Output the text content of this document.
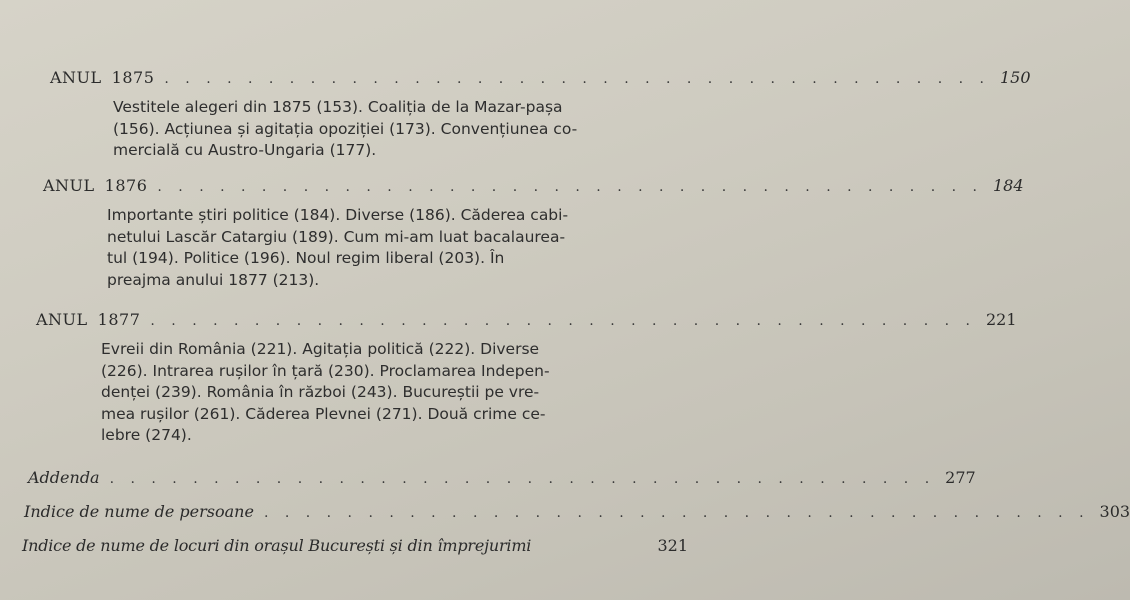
ANUL 1875 . . . . . . . . . . . . . . . . . . . . . . . . . . . . . . . . . . . . . . . . 150
Vestitele alegeri din 1875 (153). Coaliția de la Mazar-pașa
(156). Acțiunea și agitația opoziției (173). Convențiunea co-
mercială cu Austro-Ungaria (177).
ANUL 1876 . . . . . . . . . . . . . . . . . . . . . . . . . . . . . . . . . . . . . . . . 184
Importante știri politice (184). Diverse (186). Căderea cabi-
netului Lascăr Catargiu (189). Cum mi-am luat bacalaurea-
tul (194). Politice (196). Noul regim liberal (203). În
preajma anului 1877 (213).
ANUL 1877 . . . . . . . . . . . . . . . . . . . . . . . . . . . . . . . . . . . . . . . . 221
Evreii din România (221). Agitația politică (222). Diverse
(226). Intrarea rușilor în țară (230). Proclamarea Indepen-
denței (239). România în război (243). Bucureștii pe vre-
mea rușilor (261). Căderea Plevnei (271). Două crime ce-
lebre (274).
Addenda . . . . . . . . . . . . . . . . . . . . . . . . . . . . . . . . . . . . . . . . 277
Indice de nume de persoane . . . . . . . . . . . . . . . . . . . . . . . . . . . . . . . . . . . . . . . . 303
Indice de nume de locuri din orașul București și din împrejurimi	321
